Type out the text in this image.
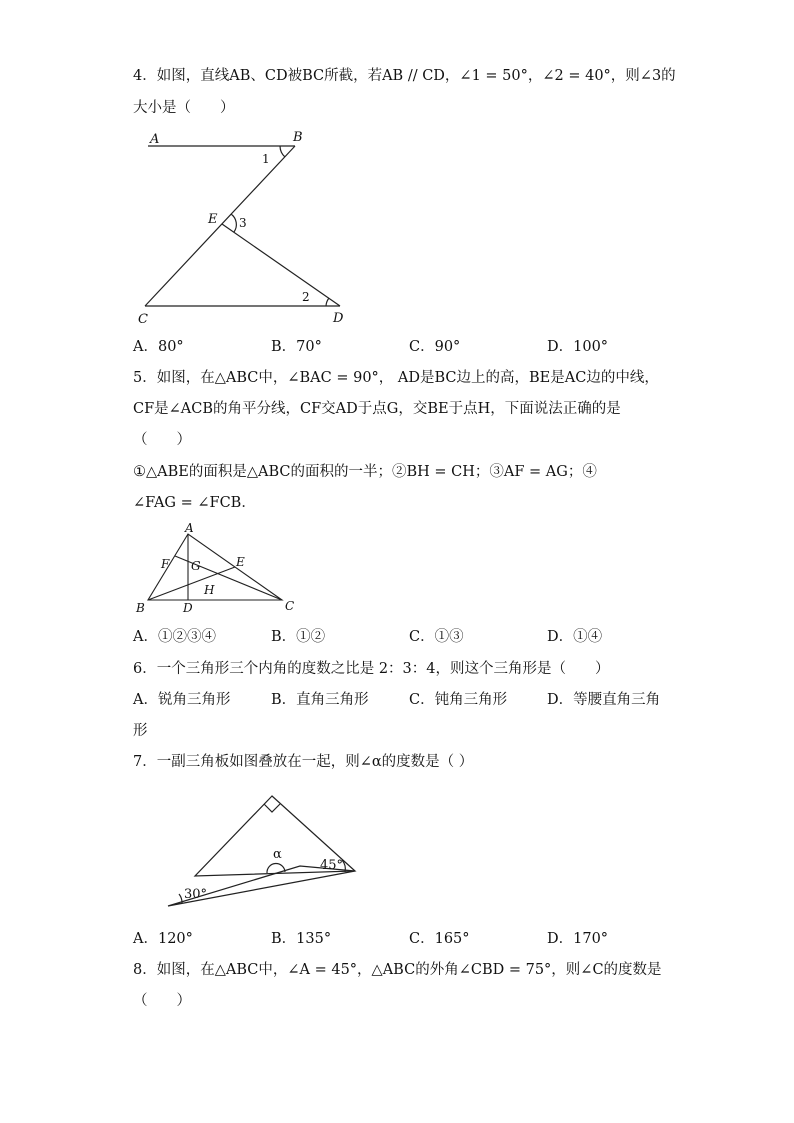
4．如图，直线AB、CD被BC所截，若AB // CD，∠1 = 50°，∠2 = 40°，则∠3的
大小是（　　）
A	B
E
C	D
1
3
2
A．80°	B．70°	C．90°	D．100°
5．如图，在△ABC中，∠BAC = 90°， AD是BC边上的高，BE是AC边的中线，
CF是∠ACB的角平分线，CF交AD于点G，交BE于点H，下面说法正确的是
（　　）
①△ABE的面积是△ABC的面积的一半；②BH = CH；③AF = AG；④
∠FAG = ∠FCB．
A
F G	E
H
B	D	C
A．①②③④	B．①②	C．①③	D．①④
6．一个三角形三个内角的度数之比是 2：3：4，则这个三角形是（　　）
A．锐角三角形	B．直角三角形	C．钝角三角形	D．等腰直角三角
形
7．一副三角板如图叠放在一起，则∠α的度数是（ ）
α
45°
30°
A．120°	B．135°	C．165°	D．170°
8．如图，在△ABC中，∠A = 45°，△ABC的外角∠CBD = 75°，则∠C的度数是
（　　）
